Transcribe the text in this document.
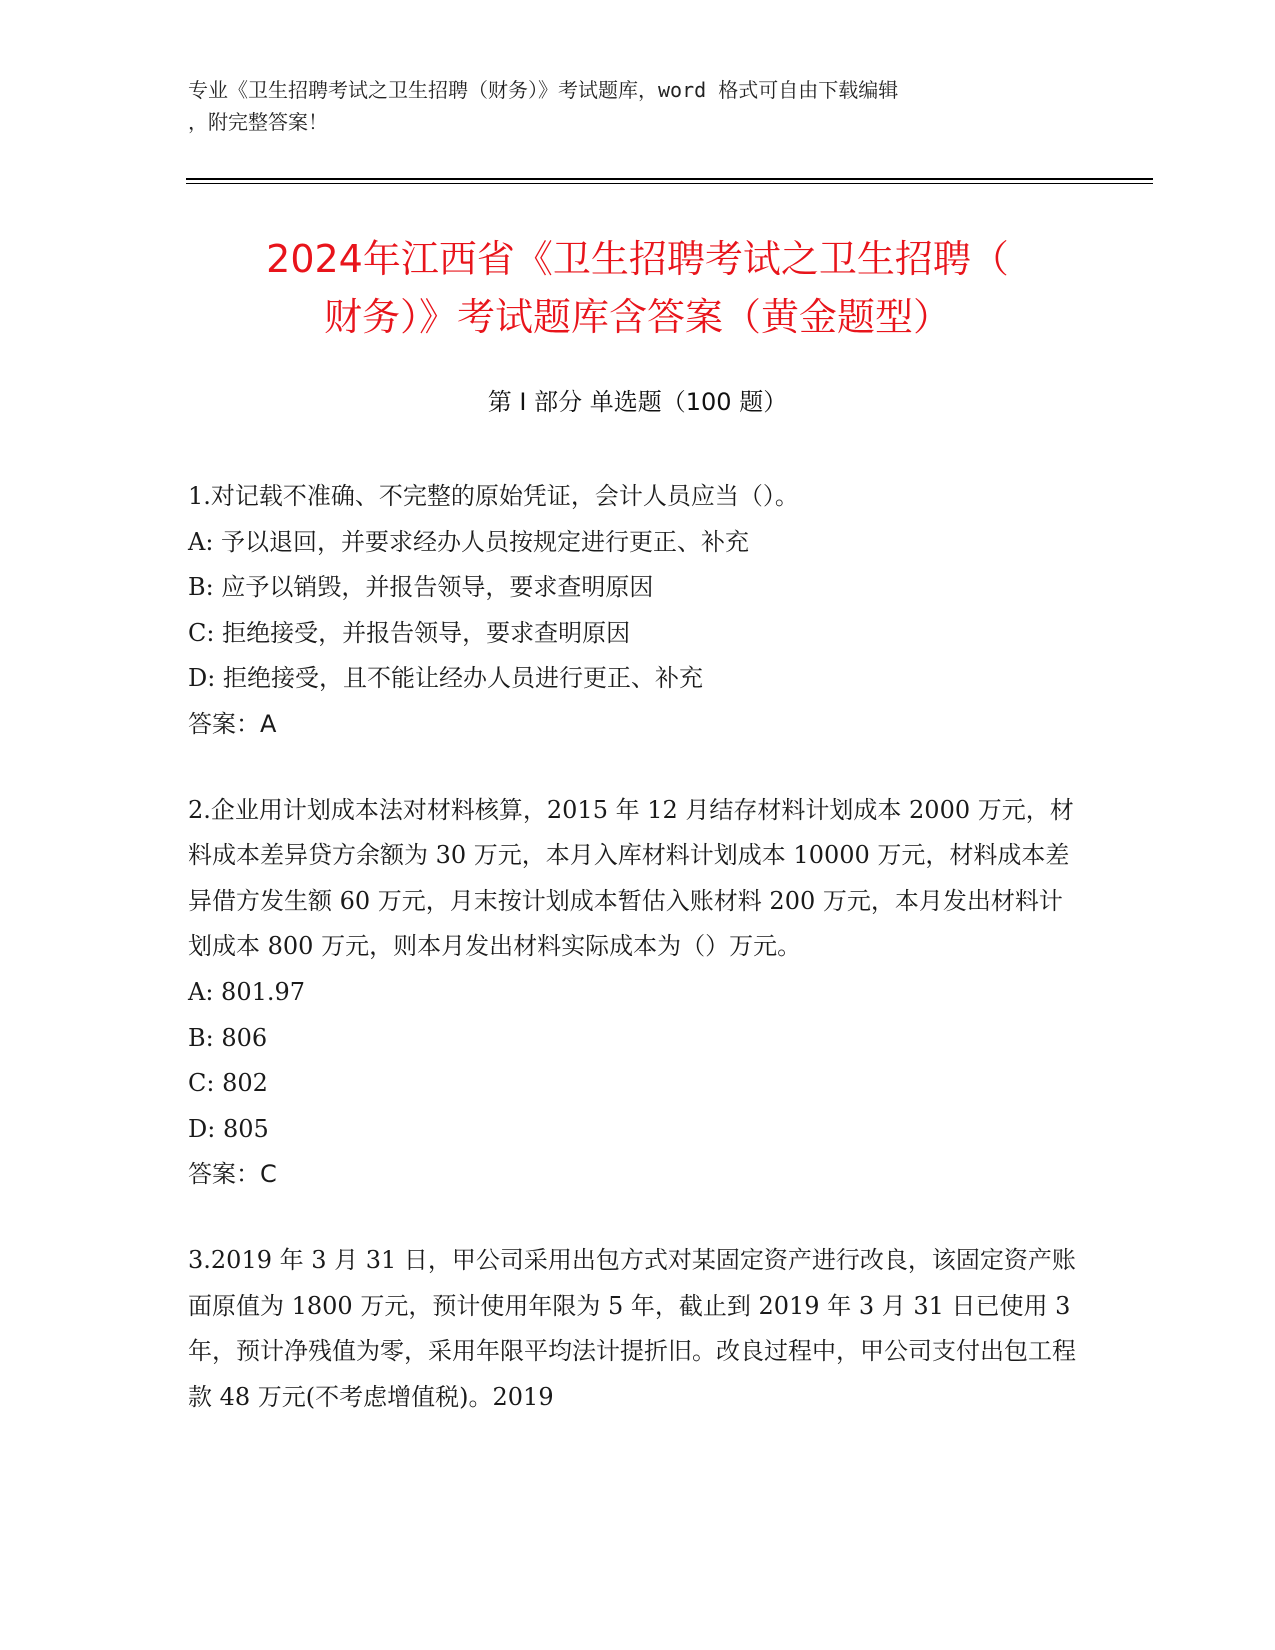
专业《卫生招聘考试之卫生招聘（财务）》考试题库，word 格式可自由下载编辑
，附完整答案！
2024年江西省《卫生招聘考试之卫生招聘（
财务）》考试题库含答案（黄金题型）
第 I 部分 单选题（100 题）

1.对记载不准确、不完整的原始凭证，会计人员应当（）。

A: 予以退回，并要求经办人员按规定进行更正、补充

B: 应予以销毁，并报告领导，要求查明原因

C: 拒绝接受，并报告领导，要求查明原因

D: 拒绝接受，且不能让经办人员进行更正、补充

答案：A

2.企业用计划成本法对材料核算，2015 年 12 月结存材料计划成本 2000 万元，材料成本差异贷方余额为 30 万元，本月入库材料计划成本 10000 万元，材料成本差异借方发生额 60 万元，月末按计划成本暂估入账材料 200 万元，本月发出材料计划成本 800 万元，则本月发出材料实际成本为（）万元。

A: 801.97

B: 806

C: 802

D: 805

答案：C

3.2019 年 3 月 31 日，甲公司采用出包方式对某固定资产进行改良，该固定资产账面原值为 1800 万元，预计使用年限为 5 年，截止到 2019 年 3 月 31 日已使用 3 年，预计净残值为零，采用年限平均法计提折旧。改良过程中，甲公司支付出包工程款 48 万元(不考虑增值税)。2019
